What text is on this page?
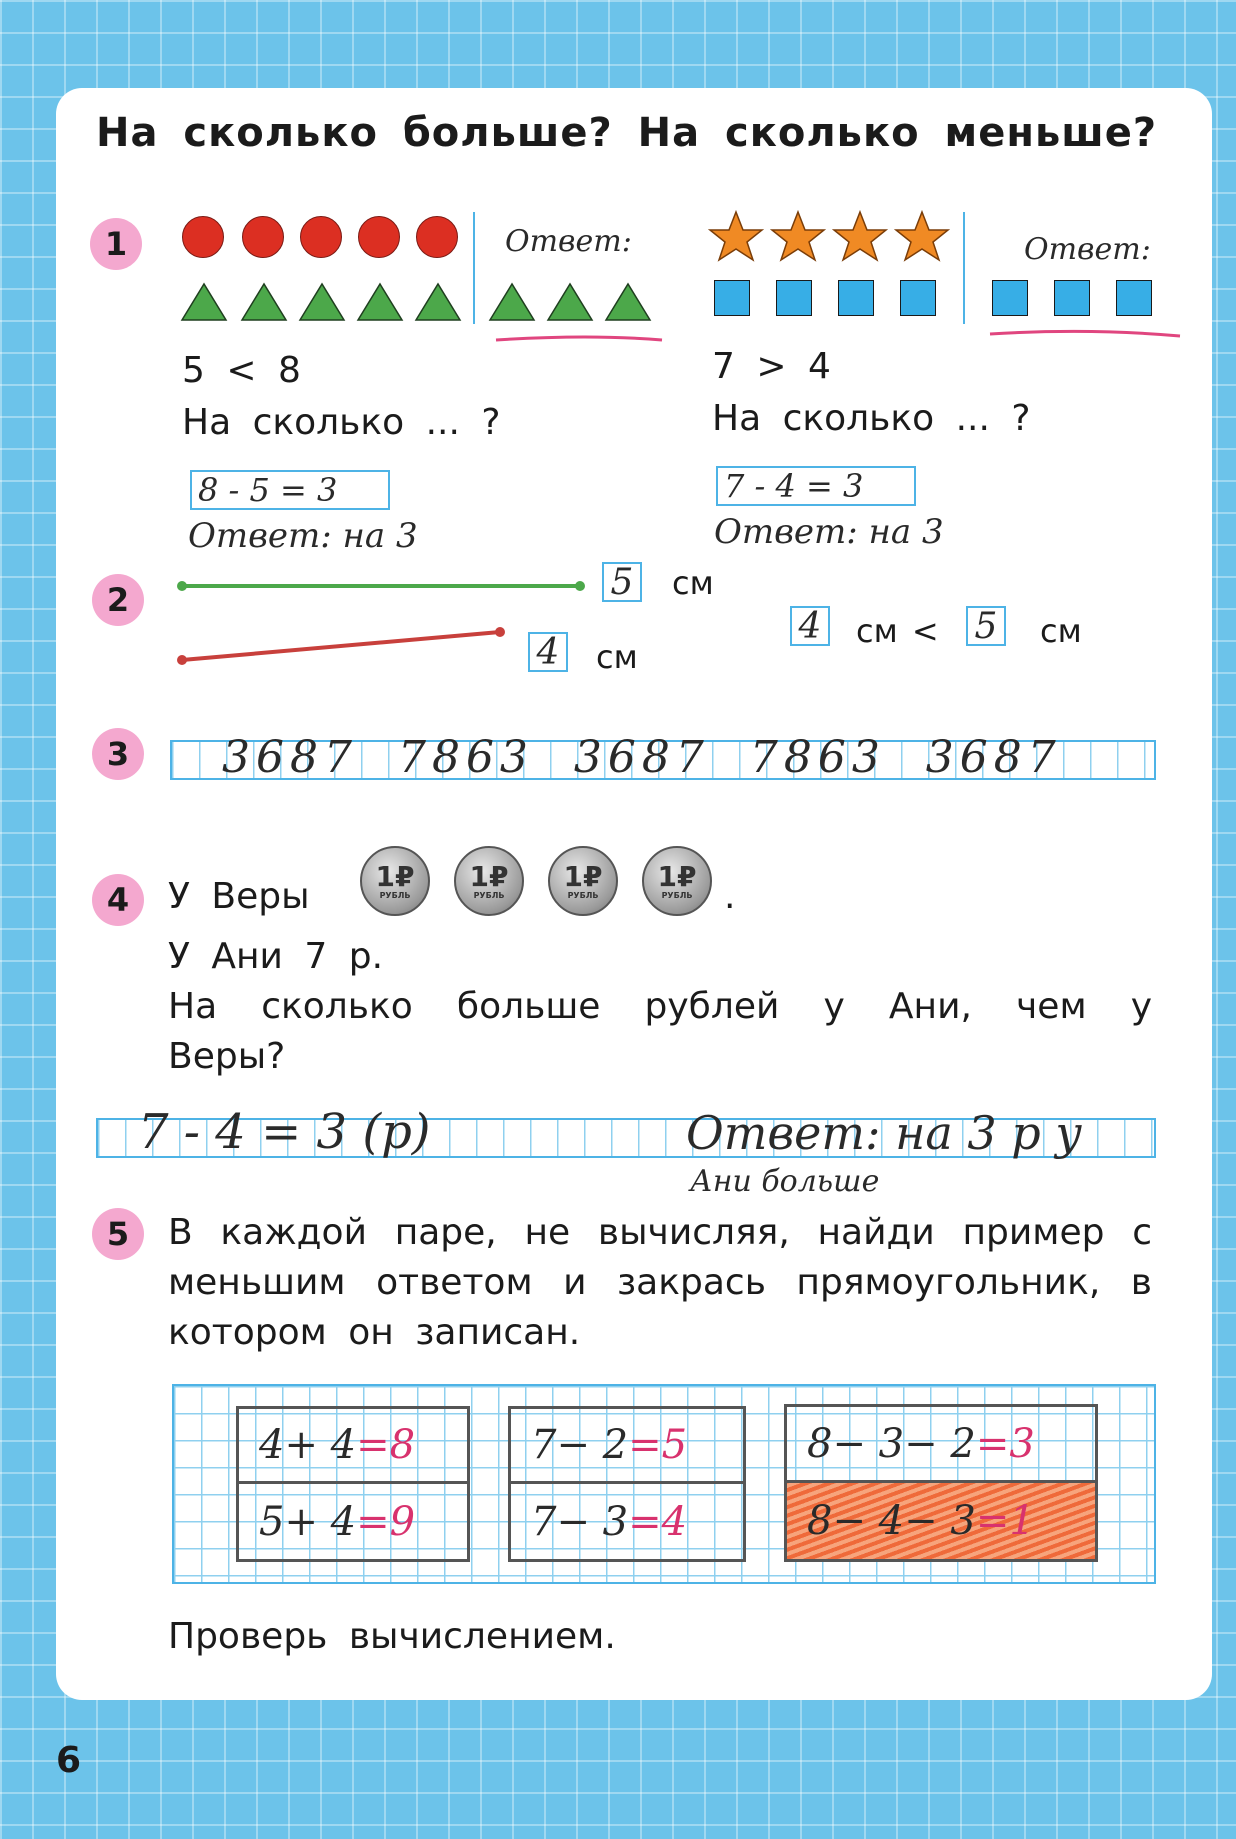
На сколько больше? На сколько меньше?
1	Ответ:	Ответ:
5 < 8	7 > 4
На сколько ... ?	На сколько ... ?
8 - 5 = 3	7 - 4 = 3
Ответ: на 3	Ответ: на 3
2	5 см
4 см
4 см < 5 см
3	3687  7863  3687  7863  3687
4	У Веры 1₽
РУБЛЬ
1₽
РУБЛЬ
1₽
РУБЛЬ
1₽
РУБЛЬ .
У Ани 7 р.
На сколько больше рублей у Ани, чем у
Веры?
7 - 4 = 3 (р)	Ответ: на 3 р у
Ани больше
5	В каждой паре, не вычисляя, найди пример с
меньшим ответом и закрась прямоугольник, в
котором он записан.
4+ 4 = 8
5+ 4 = 9
7− 2 = 5
7− 3 = 4
8− 3− 2 = 3
8− 4− 3 = 1
Проверь вычислением.
6
